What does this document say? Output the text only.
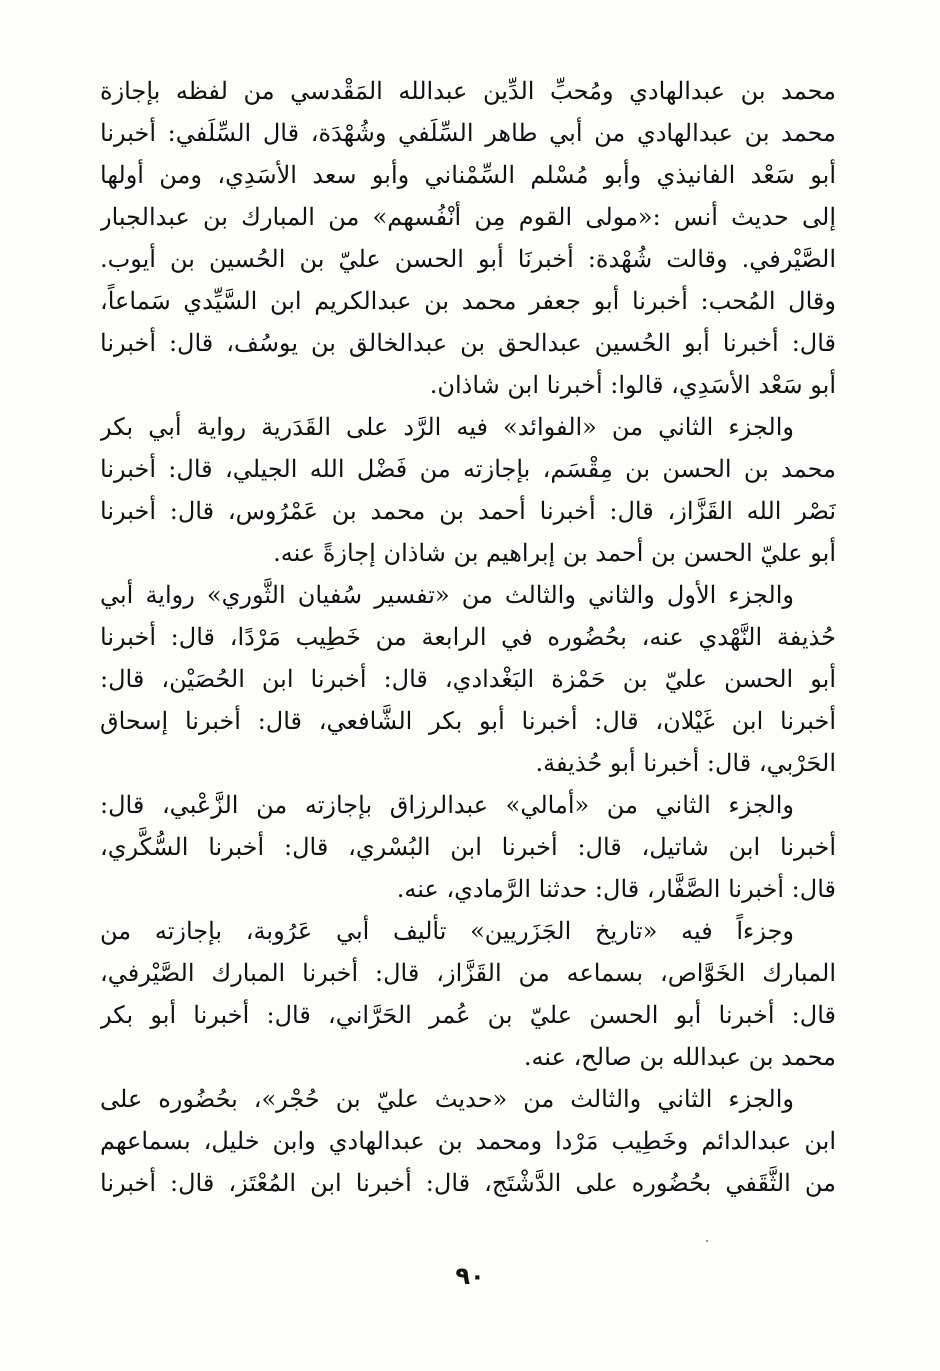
محمد بن عبدالهادي ومُحبِّ الدِّين عبدالله المَقْدسي من لفظه بإجازة
محمد بن عبدالهادي من أبي طاهر السِّلَفي وشُهْدَة، قال السِّلَفي: أخبرنا
أبو سَعْد الفانيذي وأبو مُسْلم السِّمْناني وأبو سعد الأسَدِي، ومن أولها
إلى حديث أنس :«مولى القوم مِن أنْفُسهم» من المبارك بن عبدالجبار
الصَّيْرفي. وقالت شُهْدة: أخبرنَا أبو الحسن عليّ بن الحُسين بن أيوب.
وقال المُحب: أخبرنا أبو جعفر محمد بن عبدالكريم ابن السَّيِّدي سَماعاً،
قال: أخبرنا أبو الحُسين عبدالحق بن عبدالخالق بن يوسُف، قال: أخبرنا
أبو سَعْد الأسَدِي، قالوا: أخبرنا ابن شاذان.
والجزء الثاني من «الفوائد» فيه الرَّد على القَدَرية رواية أبي بكر
محمد بن الحسن بن مِقْسَم، بإجازته من فَضْل الله الجيلي، قال: أخبرنا
نَصْر الله القَزَّاز، قال: أخبرنا أحمد بن محمد بن عَمْرُوس، قال: أخبرنا
أبو عليّ الحسن بن أحمد بن إبراهيم بن شاذان إجازةً عنه.
والجزء الأول والثاني والثالث من «تفسير سُفيان الثَّوري» رواية أبي
حُذيفة النَّهْدي عنه، بحُضُوره في الرابعة من خَطِيب مَرْدًا، قال: أخبرنا
أبو الحسن عليّ بن حَمْزة البَغْدادي، قال: أخبرنا ابن الحُصَيْن، قال:
أخبرنا ابن غَيْلان، قال: أخبرنا أبو بكر الشَّافعي، قال: أخبرنا إسحاق
الحَرْبي، قال: أخبرنا أبو حُذيفة.
والجزء الثاني من «أمالي» عبدالرزاق بإجازته من الزَّعْبي، قال:
أخبرنا ابن شاتيل، قال: أخبرنا ابن البُسْري، قال: أخبرنا السُّكَّري،
قال: أخبرنا الصَّفَّار، قال: حدثنا الرَّمادي، عنه.
وجزءاً فيه «تاريخ الجَزَريين» تأليف أبي عَرُوبة، بإجازته من
المبارك الخَوَّاص، بسماعه من القَزَّاز، قال: أخبرنا المبارك الصَّيْرفي،
قال: أخبرنا أبو الحسن عليّ بن عُمر الحَرَّاني، قال: أخبرنا أبو بكر
محمد بن عبدالله بن صالح، عنه.
والجزء الثاني والثالث من «حديث عليّ بن حُجْر»، بحُضُوره على
ابن عبدالدائم وخَطِيب مَرْدا ومحمد بن عبدالهادي وابن خليل، بسماعهم
من الثَّقَفي بحُضُوره على الدَّشْتَج، قال: أخبرنا ابن المُعْتَز، قال: أخبرنا
٩٠
